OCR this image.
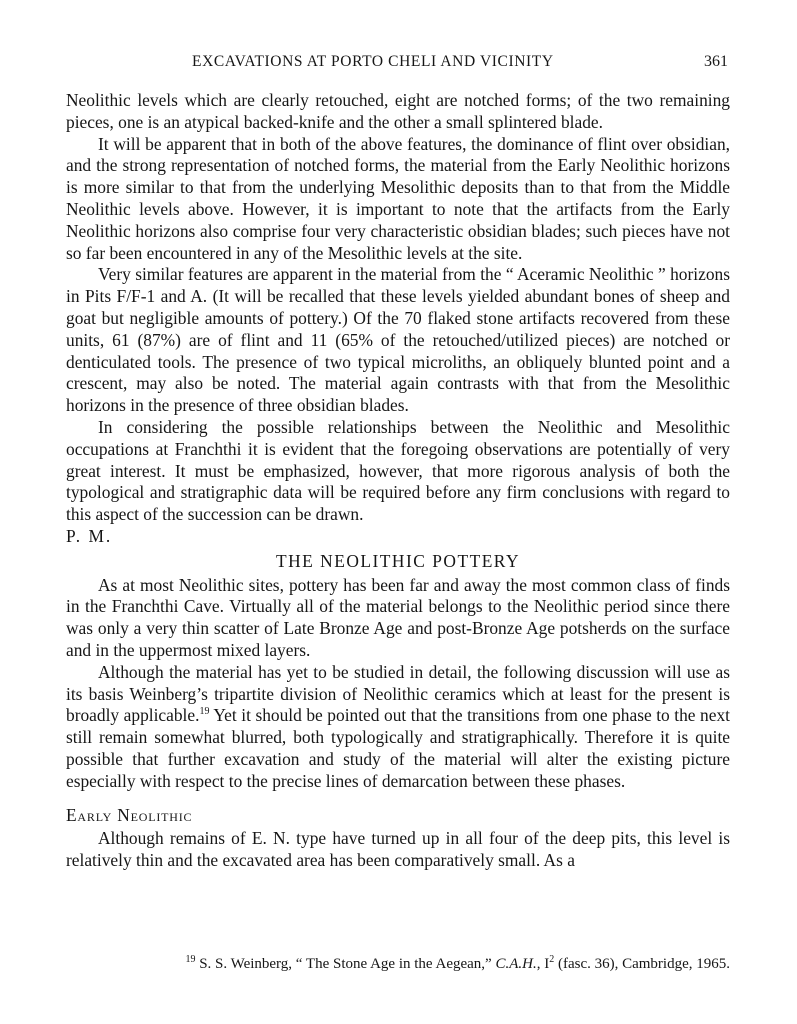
EXCAVATIONS AT PORTO CHELI AND VICINITY	361

Neolithic levels which are clearly retouched, eight are notched forms; of the two remaining pieces, one is an atypical backed-knife and the other a small splintered blade.

It will be apparent that in both of the above features, the dominance of flint over obsidian, and the strong representation of notched forms, the material from the Early Neolithic horizons is more similar to that from the underlying Mesolithic deposits than to that from the Middle Neolithic levels above. However, it is important to note that the artifacts from the Early Neolithic horizons also comprise four very characteristic obsidian blades; such pieces have not so far been encountered in any of the Mesolithic levels at the site.

Very similar features are apparent in the material from the “ Aceramic Neolithic ” horizons in Pits F/F-1 and A. (It will be recalled that these levels yielded abundant bones of sheep and goat but negligible amounts of pottery.) Of the 70 flaked stone artifacts recovered from these units, 61 (87%) are of flint and 11 (65% of the retouched/utilized pieces) are notched or denticulated tools. The presence of two typical microliths, an obliquely blunted point and a crescent, may also be noted. The material again contrasts with that from the Mesolithic horizons in the presence of three obsidian blades.

In considering the possible relationships between the Neolithic and Mesolithic occupations at Franchthi it is evident that the foregoing observations are potentially of very great interest. It must be emphasized, however, that more rigorous analysis of both the typological and stratigraphic data will be required before any firm conclusions with regard to this aspect of the succession can be drawn.

P. M.

THE NEOLITHIC POTTERY

As at most Neolithic sites, pottery has been far and away the most common class of finds in the Franchthi Cave. Virtually all of the material belongs to the Neolithic period since there was only a very thin scatter of Late Bronze Age and post-Bronze Age potsherds on the surface and in the uppermost mixed layers.

Although the material has yet to be studied in detail, the following discussion will use as its basis Weinberg’s tripartite division of Neolithic ceramics which at least for the present is broadly applicable.$^{19}$ Yet it should be pointed out that the transitions from one phase to the next still remain somewhat blurred, both typologically and stratigraphically. Therefore it is quite possible that further excavation and study of the material will alter the existing picture especially with respect to the precise lines of demarcation between these phases.

Early Neolithic

Although remains of E. N. type have turned up in all four of the deep pits, this level is relatively thin and the excavated area has been comparatively small. As a

$^{19}$ S. S. Weinberg, “ The Stone Age in the Aegean,” C.A.H., $I^2$ (fasc. 36), Cambridge, 1965.
